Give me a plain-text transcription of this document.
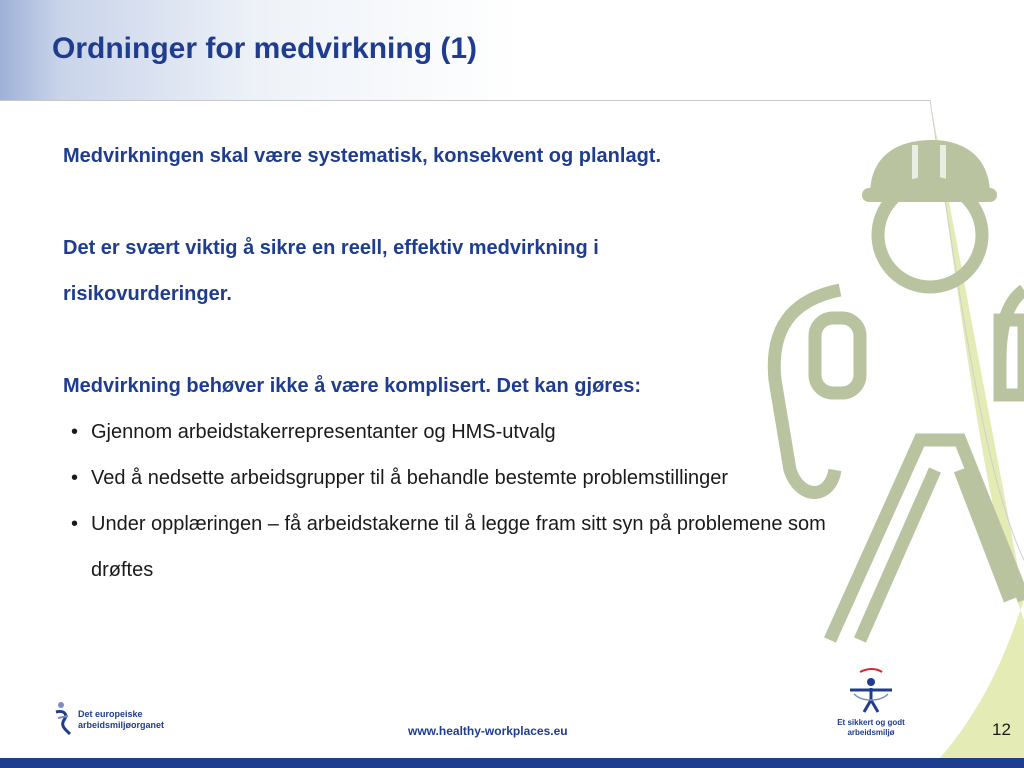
Ordninger for medvirkning (1)

Medvirkningen skal være systematisk, konsekvent og planlagt.

Det er svært viktig å sikre en reell, effektiv medvirkning i risikovurderinger.

Medvirkning behøver ikke å være komplisert. Det kan gjøres:

• Gjennom arbeidstakerrepresentanter og HMS-utvalg
• Ved å nedsette arbeidsgrupper til å behandle bestemte problemstillinger
• Under opplæringen – få arbeidstakerne til å legge fram sitt syn på problemene som drøftes
Det europeiske arbeidsmiljøorganet	www.healthy-workplaces.eu
Et sikkert og godt arbeidsmiljø	12
